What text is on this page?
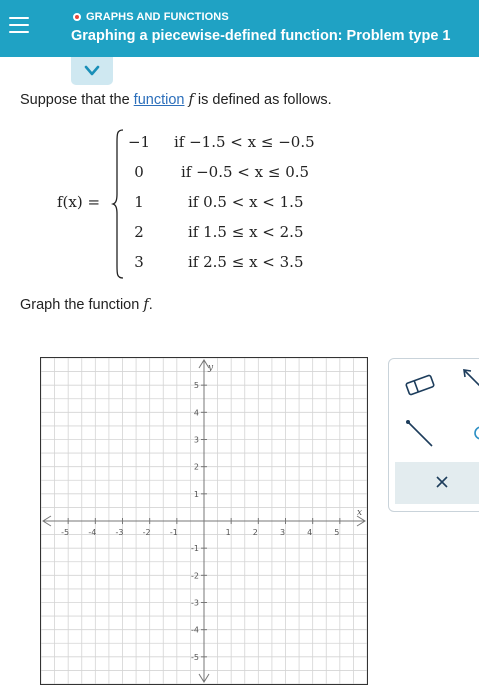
GRAPHS AND FUNCTIONS
Graphing a piecewise-defined function: Problem type 1
Suppose that the function f is defined as follows.
f(x) =
−1	if −1.5 < x ≤ −0.5
0	if −0.5 < x ≤ 0.5
1	if 0.5 < x < 1.5
2	if 1.5 ≤ x < 2.5
3	if 2.5 ≤ x < 3.5
Graph the function f.
-5 -4 -3 -2 -1	1	2	3	4	5
5
4
3
2
1
-1
-2
-3
-4
-5
x
y
